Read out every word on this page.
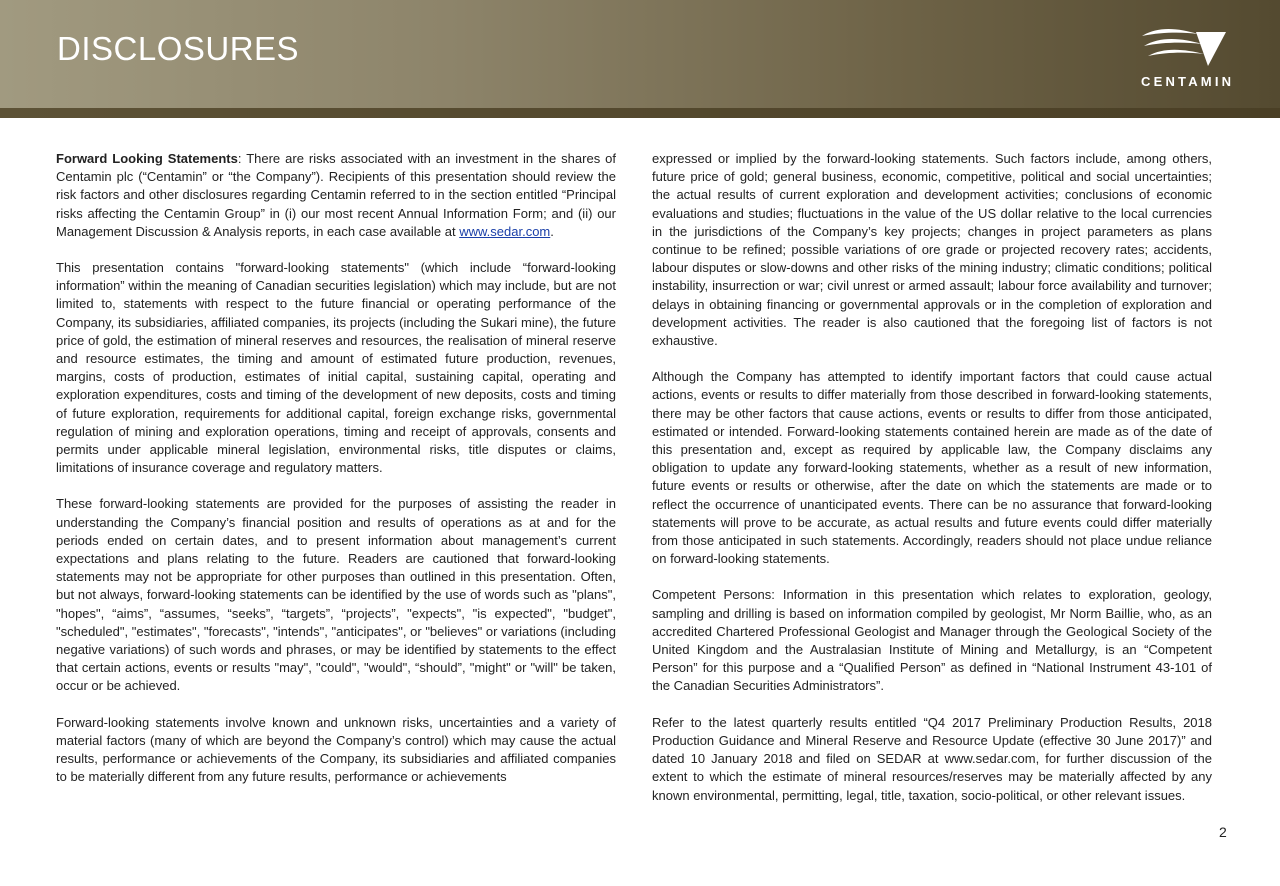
DISCLOSURES
CENTAMIN

Forward Looking Statements: There are risks associated with an investment in the shares of Centamin plc (“Centamin” or “the Company”). Recipients of this presentation should review the risk factors and other disclosures regarding Centamin referred to in the section entitled “Principal risks affecting the Centamin Group” in (i) our most recent Annual Information Form; and (ii) our Management Discussion & Analysis reports, in each case available at www.sedar.com.

This presentation contains "forward-looking statements" (which include “forward-looking information” within the meaning of Canadian securities legislation) which may include, but are not limited to, statements with respect to the future financial or operating performance of the Company, its subsidiaries, affiliated companies, its projects (including the Sukari mine), the future price of gold, the estimation of mineral reserves and resources, the realisation of mineral reserve and resource estimates, the timing and amount of estimated future production, revenues, margins, costs of production, estimates of initial capital, sustaining capital, operating and exploration expenditures, costs and timing of the development of new deposits, costs and timing of future exploration, requirements for additional capital, foreign exchange risks, governmental regulation of mining and exploration operations, timing and receipt of approvals, consents and permits under applicable mineral legislation, environmental risks, title disputes or claims, limitations of insurance coverage and regulatory matters.

These forward-looking statements are provided for the purposes of assisting the reader in understanding the Company’s financial position and results of operations as at and for the periods ended on certain dates, and to present information about management’s current expectations and plans relating to the future. Readers are cautioned that forward-looking statements may not be appropriate for other purposes than outlined in this presentation. Often, but not always, forward-looking statements can be identified by the use of words such as "plans", "hopes", “aims”, “assumes, “seeks”, “targets”, “projects”, "expects", "is expected", "budget", "scheduled", "estimates", "forecasts", "intends", "anticipates", or "believes" or variations (including negative variations) of such words and phrases, or may be identified by statements to the effect that certain actions, events or results "may", "could", "would", “should”, "might" or "will" be taken, occur or be achieved.

Forward-looking statements involve known and unknown risks, uncertainties and a variety of material factors (many of which are beyond the Company’s control) which may cause the actual results, performance or achievements of the Company, its subsidiaries and affiliated companies to be materially different from any future results, performance or achievements

expressed or implied by the forward-looking statements. Such factors include, among others, future price of gold; general business, economic, competitive, political and social uncertainties; the actual results of current exploration and development activities; conclusions of economic evaluations and studies; fluctuations in the value of the US dollar relative to the local currencies in the jurisdictions of the Company’s key projects; changes in project parameters as plans continue to be refined; possible variations of ore grade or projected recovery rates; accidents, labour disputes or slow-downs and other risks of the mining industry; climatic conditions; political instability, insurrection or war; civil unrest or armed assault; labour force availability and turnover; delays in obtaining financing or governmental approvals or in the completion of exploration and development activities. The reader is also cautioned that the foregoing list of factors is not exhaustive.

Although the Company has attempted to identify important factors that could cause actual actions, events or results to differ materially from those described in forward-looking statements, there may be other factors that cause actions, events or results to differ from those anticipated, estimated or intended. Forward-looking statements contained herein are made as of the date of this presentation and, except as required by applicable law, the Company disclaims any obligation to update any forward-looking statements, whether as a result of new information, future events or results or otherwise, after the date on which the statements are made or to reflect the occurrence of unanticipated events. There can be no assurance that forward-looking statements will prove to be accurate, as actual results and future events could differ materially from those anticipated in such statements. Accordingly, readers should not place undue reliance on forward-looking statements.

Competent Persons: Information in this presentation which relates to exploration, geology, sampling and drilling is based on information compiled by geologist, Mr Norm Baillie, who, as an accredited Chartered Professional Geologist and Manager through the Geological Society of the United Kingdom and the Australasian Institute of Mining and Metallurgy, is an “Competent Person” for this purpose and a “Qualified Person” as defined in “National Instrument 43-101 of the Canadian Securities Administrators”.

Refer to the latest quarterly results entitled “Q4 2017 Preliminary Production Results, 2018 Production Guidance and Mineral Reserve and Resource Update (effective 30 June 2017)” and dated 10 January 2018 and filed on SEDAR at www.sedar.com, for further discussion of the extent to which the estimate of mineral resources/reserves may be materially affected by any known environmental, permitting, legal, title, taxation, socio-political, or other relevant issues.

2
